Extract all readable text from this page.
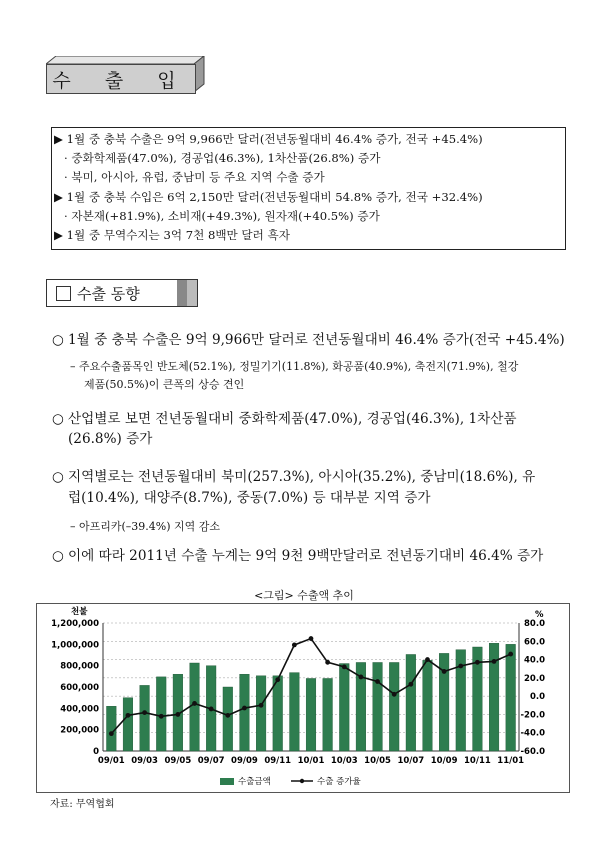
수 출 입
▶ 1월 중 충북 수출은 9억 9,966만 달러(전년동월대비 46.4% 증가, 전국 +45.4%)
· 중화학제품(47.0%), 경공업(46.3%), 1차산품(26.8%) 증가
· 북미, 아시아, 유럽, 중남미 등 주요 지역 수출 증가
▶ 1월 중 충북 수입은 6억 2,150만 달러(전년동월대비 54.8% 증가, 전국 +32.4%)
· 자본재(+81.9%), 소비재(+49.3%), 원자재(+40.5%) 증가
▶ 1월 중 무역수지는 3억 7천 8백만 달러 흑자
수출 동향
○ 1월 중 충북 수출은 9억 9,966만 달러로 전년동월대비 46.4% 증가(전국 +45.4%)
– 주요수출품목인 반도체(52.1%), 정밀기기(11.8%), 화공품(40.9%), 축전지(71.9%), 철강
제품(50.5%)이 큰폭의 상승 견인
○ 산업별로 보면 전년동월대비 중화학제품(47.0%), 경공업(46.3%), 1차산품
(26.8%) 증가
○ 지역별로는 전년동월대비 북미(257.3%), 아시아(35.2%), 중남미(18.6%), 유
럽(10.4%), 대양주(8.7%), 중동(7.0%) 등 대부분 지역 증가
– 아프리카(–39.4%) 지역 감소
○ 이에 따라 2011년 수출 누계는 9억 9천 9백만달러로 전년동기대비 46.4% 증가
<그림> 수출액 추이
1,200,000
1,000,000
800,000
600,000
400,000
200,000
0
천불
80.0
60.0
40.0
20.0
0.0
-20.0
-40.0
-60.0
%
09/01 09/03 09/05 09/07 09/09 09/11 10/01 10/03 10/05 10/07 10/09 10/11 11/01
수출금액	수출 증가율
자료: 무역협회
